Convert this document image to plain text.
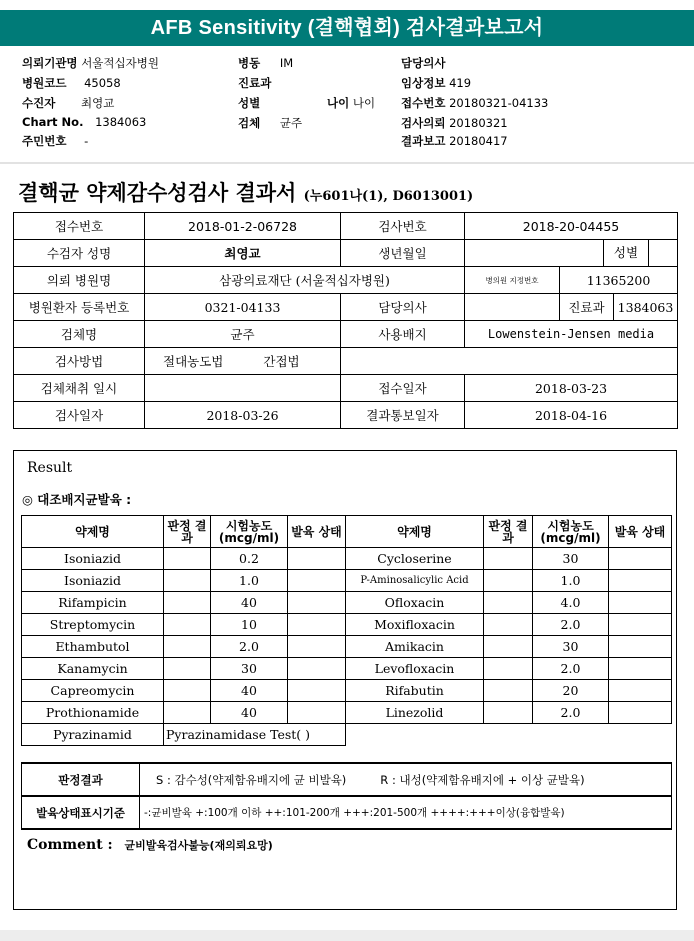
AFB Sensitivity (결핵협회) 검사결과보고서
의뢰기관명 서울적십자병원
병원코드 45058
수진자 최영교
Chart No. 1384063
주민번호 -
병동 IM
진료과
성별
검체 균주
나이 나이
담당의사
임상정보 419
접수번호 20180321-04133
검사의뢰 20180321
결과보고 20180417
결핵균 약제감수성검사 결과서 (누601나(1), D6013001)
접수번호	2018-01-2-06728	검사번호	2018-20-04455			
수검자 성명	최영교	생년월일			성별	

의뢰 병원명	삼광의료재단 (서울적십자병원)		병의원 지정번호	11365200		
병원환자 등록번호	0321-04133	담당의사		진료과		1384063
검체명	균주	사용배지	Lowenstein-Jensen media			
검사방법	절대농도법 간접법					
검체채취 일시		접수일자	2018-03-23			
검사일자	2018-03-26	결과통보일자	2018-04-16			
Result
◎ 대조배지균발육 :
약제명	판정 결과	시험농도 (mcg/ml)	발육 상태	약제명	판정 결과	시험농도 (mcg/ml)	발육 상태
Isoniazid		0.2		Cycloserine		30	
Isoniazid		1.0		P-Aminosalicylic Acid		1.0	
Rifampicin		40		Ofloxacin		4.0	
Streptomycin		10		Moxifloxacin		2.0	
Ethambutol		2.0		Amikacin		30	
Kanamycin		30		Levofloxacin		2.0	
Capreomycin		40		Rifabutin		20	
Prothionamide		40		Linezolid		2.0	
Pyrazinamid	Pyrazinamidase Test( )						
판정결과	S : 감수성(약제함유배지에 균 비발육) R : 내성(약제함유배지에 + 이상 균발육)
발육상태표시기준	-:균비발육 +:100개 이하 ++:101-200개 +++:201-500개 ++++:+++이상(융합발육)
Comment : 균비발육검사불능(재의뢰요망)
